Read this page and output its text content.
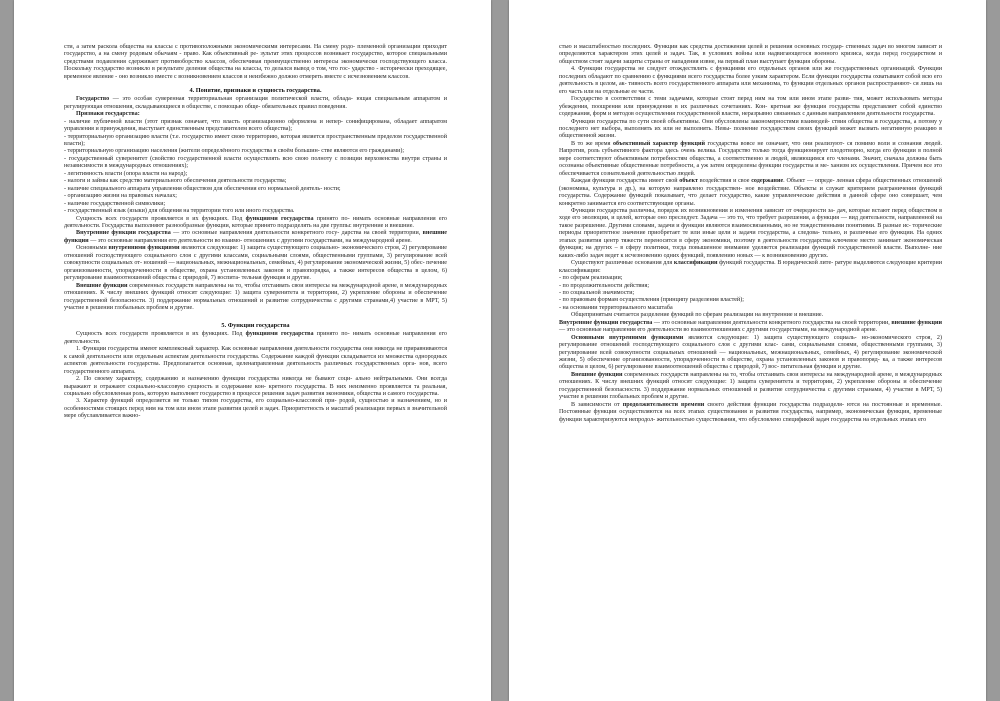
сти, а затем раскола общества на классы с противоположными экономическими интересами. На смену родо- племенной организации приходит государство, а на смену родовым обычаям - право. Как объективный ре- зультат этих процессов возникает государство, которое специальными средствами подавления сдерживает противоборство классов, обеспечивая преимущественно интересы экономически господствующего класса. Поскольку государство возникло в результате деления общества на классы, то делался вывод о том, что гос- ударство - исторически преходящее, временное явление - оно возникло вместе с возникновением классов и неизбежно должно отмереть вместе с исчезновением классов.

4. Понятие, признаки и сущность государства.

Государство — это особая суверенная территориальная организация политической власти, облада- ющая специальным аппаратом и регулирующая отношения, складывающиеся в обществе, с помощью обще- обязательных правил поведения.

Признаки государства:

- наличие публичной власти (этот признак означает, что власть организационно оформлена и непер- сонифицирована, обладает аппаратом управления и принуждения, выступает единственным представителем всего общества);

- территориальную организацию власти (т.е. государство имеет свою территорию, которая является пространственным пределом государственной власти);

- территориальную организацию населения (жители определённого государства в своём большин- стве являются его гражданами);

- государственный суверенитет (свойство государственной власти осуществлять всю свою полноту с позиции верховенства внутри страны и независимости в международных отношениях);

- легитимность власти (опора власти на народ);

- налоги и займы как средство материального обеспечения деятельности государства;

- наличие специального аппарата управления обществом для обеспечения его нормальной деятель- ности;

- организацию жизни на правовых началах;

- наличие государственной символики;

- государственный язык (языки) для общения на территории того или иного государства.

Сущность всех государств проявляется в их функциях. Под функциями государства принято по- нимать основные направления его деятельности. Государства выполняют разнообразные функции, которые принято подразделять на две группы: внутренние и внешние.

Внутренние функции государства — это основные направления деятельности конкретного госу- дарства на своей территории, внешние функции — это основные направления его деятельности во взаимо- отношениях с другими государствами, на международной арене.

Основными внутренними функциями являются следующие: 1) защита существующего социально- экономического строя, 2) регулирование отношений господствующего социального слоя с другими классами, социальными слоями, общественными группами, 3) регулирование всей совокупности социальных от- ношений — национальных, межнациональных, семейных, 4) регулирование экономической жизни, 5) обес- печение организованности, упорядоченности в обществе, охрана установленных законов и правопорядка, а также интересов общества в целом, 6) регулирование взаимоотношений общества с природой, 7) воспита- тельная функция и другие.

Внешние функции современных государств направлены на то, чтобы отстаивать свои интересы на международной арене, в международных отношениях. К числу внешних функций относят следующие: 1) защита суверенитета и территории, 2) укрепление обороны и обеспечение государственной безопасности. 3) поддержание нормальных отношений и развитие сотрудничества с другими странами,4) участие в МРТ, 5) участие в решении глобальных проблем и другие.

5. Функции государства

Сущность всех государств проявляется в их функциях. Под функциями государства принято по- нимать основные направления его деятельности.

1. Функции государства имеют комплексный характер. Как основные направления деятельности государства они никогда не приравниваются к самой деятельности или отдельным аспектам деятельности государства. Содержание каждой функции складывается из множества однородных аспектов деятельности государства. Предполагается основная, целенаправленная деятельность различных государственных орга- нов, всего государственного аппарата.

2. По своему характеру, содержанию и назначению функции государства никогда не бывают соци- ально нейтральными. Они всегда выражают и отражают социально-классовую сущность и содержание кон- кретного государства. В них неизменно проявляется та реальная, социально обусловленная роль, которую выполняет государство в процессе решения задач развития экономики, общества и самого государства.

3. Характер функций определяется не только типом государства, его социально-классовой при- родой, сущностью и назначением, но и особенностями стоящих перед ним на том или ином этапе развития целей и задач. Приоритетность и масштаб реализации первых в значительной мере обуславливается важно-

стью и масштабностью последних. Функции как средства достижения целей и решения основных государ- ственных задач во многом зависят и определяются характером этих целей и задач. Так, в условиях войны или надвигающегося военного кризиса, когда перед государством и обществом стоят задачи защиты страны от нападения извне, на первый план выступает функция обороны.

4. Функции государства не следует отождествлять с функциями его отдельных органов или же государственных организаций. Функции последних обладают по сравнению с функциями всего государства более узким характером. Если функции государства охватывают собой всю его деятельность в целом, ак- тивность всего государственного аппарата или механизма, то функции отдельных органов распространяют- ся лишь на его часть или на отдельные ее части.

Государство в соответствии с теми задачами, которые стоят перед ним на том или ином этапе разви- тия, может использовать методы убеждения, поощрения или принуждения в их различных сочетаниях. Кон- кретная же функция государства представляет собой единство содержания, форм и методов осуществления государственной власти, неразрывно связанных с данным направлением деятельности государства.

Функции государства по сути своей объективны. Они обусловлены закономерностями взаимодей- ствия общества и государства, а потому у последнего нет выбора, выполнять их или не выполнять. Невы- полнение государством своих функций может вызвать негативную реакцию в общественной жизни.

В то же время объективный характер функций государства вовсе не означает, что они реализуют- ся помимо воли и сознания людей. Напротив, роль субъективного фактора здесь очень велика. Государство только тогда функционирует плодотворно, когда его функции в полной мере соответствуют объективным потребностям общества, а соответственно и людей, являющимся его членами. Значит, сначала должны быть осознаны объективные общественные потребности, а уж затем определены функции государства и ме- ханизм их осуществления. Причем все это обеспечивается сознательной деятельностью людей.

Каждая функция государства имеет свой объект воздействия и свое содержание. Объект — опреде- ленная сфера общественных отношений (экономика, культура и др.), на которую направлено государствен- ное воздействие. Объекты и служат критерием разграничения функций государства. Содержание функций показывает, что делает государство, какие управленческие действия в данной сфере оно совершает, чем конкретно занимается его соответствующие органы.

Функции государства различны, порядок их возникновения и изменения зависит от очередности за- дач, которые встают перед обществом в ходе его эволюции, и целей, которые оно преследует. Задача — это то, что требует разрешения, а функция — вид деятельности, направленной на такое разрешение. Другими словами, задачи и функции являются взаимосвязанными, но не тождественными понятиями. В разные ис- торические периоды приоритетное значение приобретает те или иные цели и задачи государства, а следова- тельно, и различные его функции. На одних этапах развития центр тяжести переносится в сферу экономики, поэтому в деятельности государства ключевое место занимает экономическая функция; на других – в сферу политики, тогда повышенное внимание уделяется реализации функций государственной власти. Выполне- ние каких-либо задач ведет к исчезновению одних функций, появлению новых — к возникновению других.

Существуют различные основания для классификации функций государства. В юридической лите- ратуре выделяются следующие критерии классификации:

- по сферам реализации;

- по продолжительности действия;

- по социальной значимости;

- по правовым формам осуществления (принципу разделения властей);

- на основании территориального масштаба

Общепринятым считается разделение функций по сферам реализации на внутренние и внешние.

Внутренние функции государства — это основные направления деятельности конкретного государства на своей территории, внешние функции — это основные направления его деятельности во взаимоотношениях с другими государствами, на международной арене.

Основными внутренними функциями являются следующие: 1) защита существующего социаль- но-экономического строя, 2) регулирование отношений господствующего социального слоя с другими клас- сами, социальными слоями, общественными группами, 3) регулирование всей совокупности социальных отношений — национальных, межнациональных, семейных, 4) регулирование экономической жизни, 5) обеспечение организованности, упорядоченности в обществе, охрана установленных законов и правопоряд- ка, а также интересов общества в целом, 6) регулирование взаимоотношений общества с природой, 7) вос- питательная функция и другие.

Внешние функции современных государств направлены на то, чтобы отстаивать свои интересы на международной арене, в международных отношениях. К числу внешних функций относят следующие: 1) защита суверенитета и территории, 2) укрепление обороны и обеспечение государственной безопасности. 3) поддержание нормальных отношений и развитие сотрудничества с другими странами, 4) участие в МРТ, 5) участие в решении глобальных проблем и другие.

В зависимости от продолжительности времени своего действия функции государства подразделя- ются на постоянные и временные. Постоянные функции осуществляются на всех этапах существования и развития государства, например, экономическая функция, временные функции характеризуются непродол- жительностью существования, что обусловлено спецификой задач государства на отдельных этапах его
